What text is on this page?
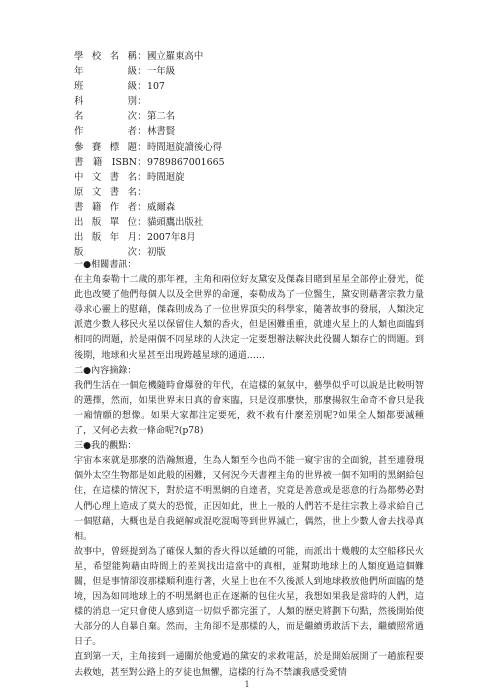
學校名稱 ： 國立羅東高中
年級 ： 一年級
班級 ： 107
科別 ：
名次 ： 第二名
作者 ： 林書賢
參賽標題 ： 時間迴旋讀後心得
書籍ISBN ： 9789867001665
中文書名 ： 時間迴旋
原文書名 ：
書籍作者 ： 威爾森
出版單位 ： 貓頭鷹出版社
出版年月 ： 2007年8月
版次 ： 初版
一●相關書訊：

在主角泰勒十二歲的那年裡，主角和兩位好友黛安及傑森目睹到星星全部停止發光，從此也改變了他們每個人以及全世界的命運，泰勒成為了一位醫生，黛安則藉著宗教力量尋求心靈上的慰藉，傑森則成為了一位世界頂尖的科學家，隨著故事的發展，人類決定派遣少數人移民火星以保留住人類的香火，但是困難重重，就連火星上的人類也面臨到相同的問題，於是兩個不同星球的人決定一定要想辦法解決此役關人類存亡的問題。到後期，地球和火星甚至出現跨越星球的通道……

二●內容摘錄：

我們生活在一個危機隨時會爆發的年代，在這樣的氣氛中，藝學似乎可以說是比較明智的選擇，然而，如果世界末日真的會來臨，只是沒那麼快，那麼揚叙生命奇不會只是我一廂情願的想像。如果大家都注定要死，救不救有什麼差別呢?如果全人類都要滅種了，又何必去救一條命呢?(p78)

三●我的觀點：

宇宙本來就是那麼的浩瀚無邊，生為人類至今也尚不能一窺宇宙的全面貌，甚至連發現個外太空生物都是如此般的困難，又何況今天書裡主角的世界被一個不知明的黑網給包住，在這樣的情況下，對於這不明黑網的自達者，究竟是善意或是惡意的行為都勢必對人們心理上造成了莫大的恐慌，正因如此，世上一般的人們若不是往宗教上尋求給自己一個慰藉，大概也是自我絕解或混吃混喝等到世界滅亡，偶然，世上少數人會去找尋真相。

故事中，曾經提到為了確保人類的香火得以延續的可能，而派出十幾艘的太空船移民火星，希望能夠藉由時間上的差異找出這當中的真相，並幫助地球上的人類度過這個難關，但是事情卻沒那樣順利進行著，火星上也在不久後派人到地球救放他們所面臨的楚境，因為如同地球上的不明黑網也正在逐漸的包住火星，我想如果我是當時的人們，這樣的消息一定只會使人感到這一切似乎都完蛋了，人類的歷史將劃下句點，然後開始使大部分的人自暴自棄。然而，主角卻不是那樣的人，而是繼續勇敢活下去，繼續照常過日子。

直到第一天，主角接到一通關於他愛過的黛安的求救電話，於是開始展開了一趟旅程要去救她，甚至對公路上的歹徒也無懼，這樣的行為不禁讓我感受愛情

1
